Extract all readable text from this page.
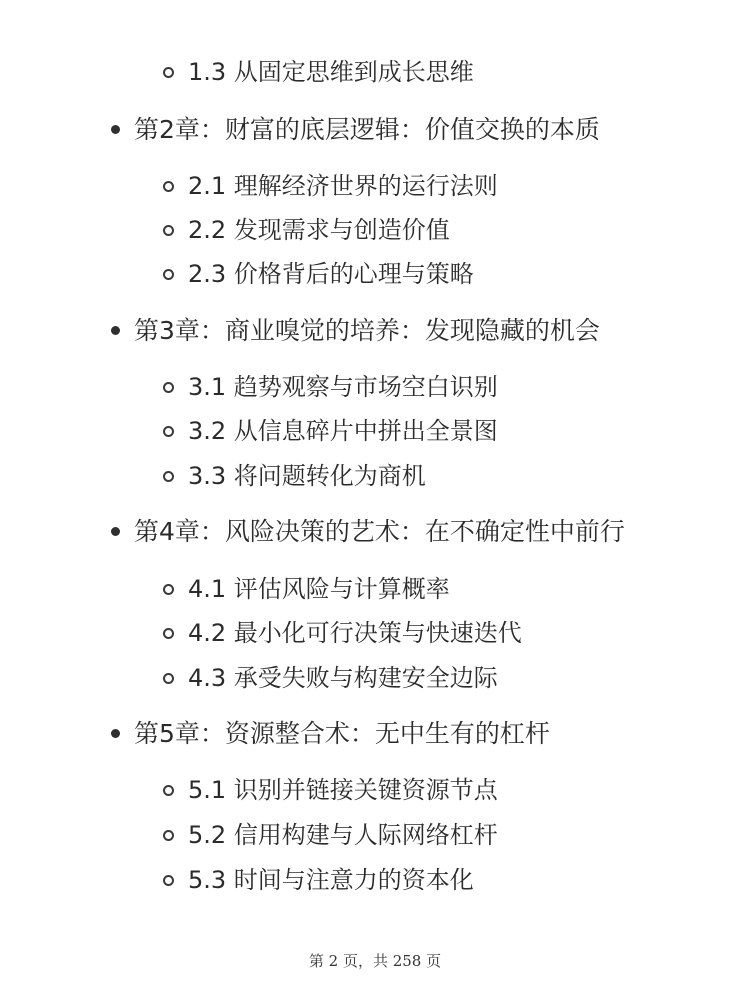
1.3 从固定思维到成长思维
第2章：财富的底层逻辑：价值交换的本质
2.1 理解经济世界的运行法则
2.2 发现需求与创造价值
2.3 价格背后的心理与策略
第3章：商业嗅觉的培养：发现隐藏的机会
3.1 趋势观察与市场空白识别
3.2 从信息碎片中拼出全景图
3.3 将问题转化为商机
第4章：风险决策的艺术：在不确定性中前行
4.1 评估风险与计算概率
4.2 最小化可行决策与快速迭代
4.3 承受失败与构建安全边际
第5章：资源整合术：无中生有的杠杆
5.1 识别并链接关键资源节点
5.2 信用构建与人际网络杠杆
5.3 时间与注意力的资本化
第 2 页，共 258 页
